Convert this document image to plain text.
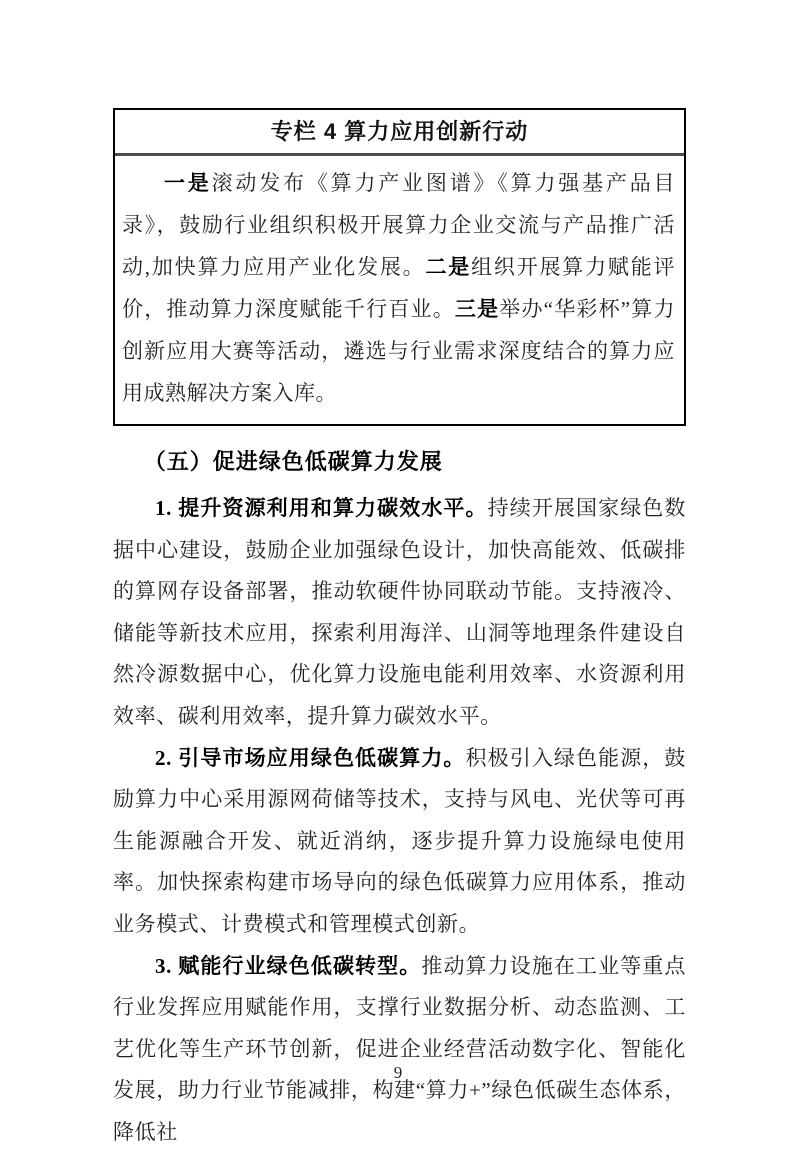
专栏 4 算力应用创新行动

一是滚动发布《算力产业图谱》《算力强基产品目录》，鼓励行业组织积极开展算力企业交流与产品推广活动,加快算力应用产业化发展。二是组织开展算力赋能评价，推动算力深度赋能千行百业。三是举办“华彩杯”算力创新应用大赛等活动，遴选与行业需求深度结合的算力应用成熟解决方案入库。

（五）促进绿色低碳算力发展

1. 提升资源利用和算力碳效水平。持续开展国家绿色数据中心建设，鼓励企业加强绿色设计，加快高能效、低碳排的算网存设备部署，推动软硬件协同联动节能。支持液冷、储能等新技术应用，探索利用海洋、山洞等地理条件建设自然冷源数据中心，优化算力设施电能利用效率、水资源利用效率、碳利用效率，提升算力碳效水平。

2. 引导市场应用绿色低碳算力。积极引入绿色能源，鼓励算力中心采用源网荷储等技术，支持与风电、光伏等可再生能源融合开发、就近消纳，逐步提升算力设施绿电使用率。加快探索构建市场导向的绿色低碳算力应用体系，推动业务模式、计费模式和管理模式创新。

3. 赋能行业绿色低碳转型。推动算力设施在工业等重点行业发挥应用赋能作用，支撑行业数据分析、动态监测、工艺优化等生产环节创新，促进企业经营活动数字化、智能化发展，助力行业节能减排，构建“算力+”绿色低碳生态体系，降低社

9
